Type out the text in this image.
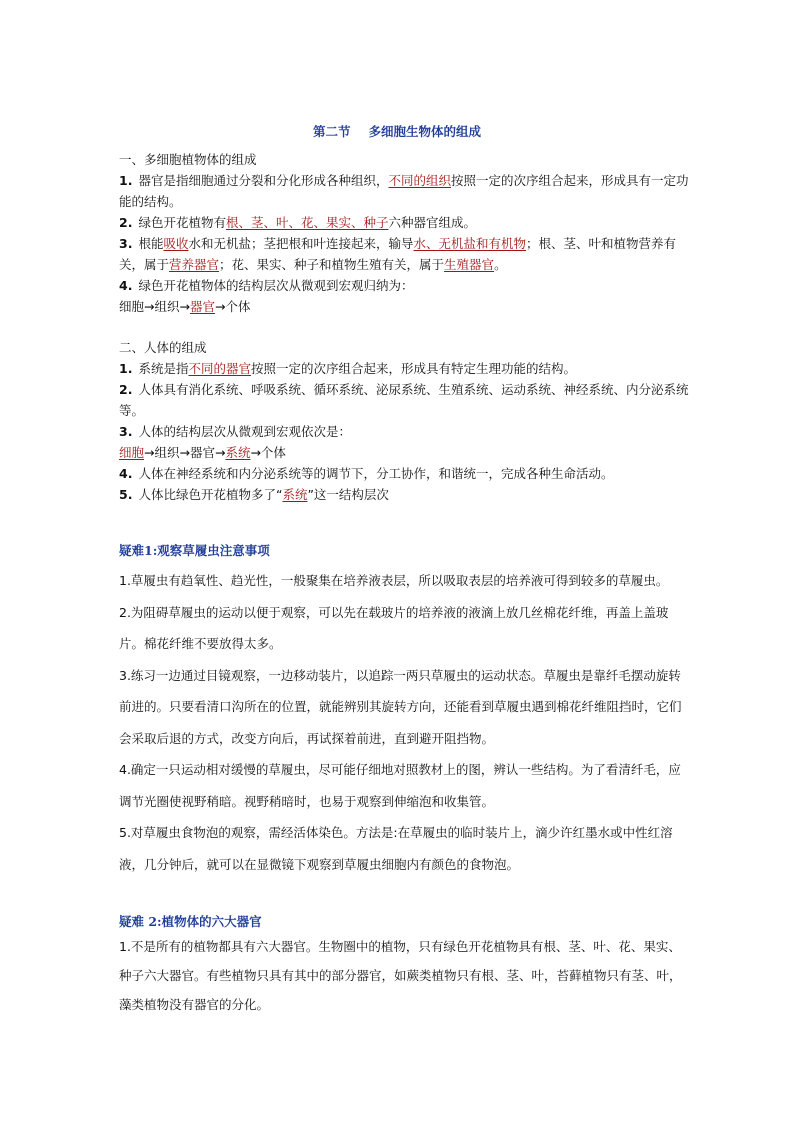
第二节 多细胞生物体的组成

一、多细胞植物体的组成

1. 器官是指细胞通过分裂和分化形成各种组织，不同的组织按照一定的次序组合起来，形成具有一定功能的结构。

2. 绿色开花植物有根、茎、叶、花、果实、种子六种器官组成。

3. 根能吸收水和无机盐；茎把根和叶连接起来，输导水、无机盐和有机物；根、茎、叶和植物营养有关，属于营养器官；花、果实、种子和植物生殖有关，属于生殖器官。

4. 绿色开花植物体的结构层次从微观到宏观归纳为：

细胞→组织→器官→个体

二、人体的组成

1. 系统是指不同的器官按照一定的次序组合起来，形成具有特定生理功能的结构。

2. 人体具有消化系统、呼吸系统、循环系统、泌尿系统、生殖系统、运动系统、神经系统、内分泌系统等。

3. 人体的结构层次从微观到宏观依次是：

细胞→组织→器官→系统→个体

4. 人体在神经系统和内分泌系统等的调节下，分工协作，和谐统一，完成各种生命活动。

5. 人体比绿色开花植物多了“系统”这一结构层次

疑难1:观察草履虫注意事项

1.草履虫有趋氧性、趋光性，一般聚集在培养液表层，所以吸取表层的培养液可得到较多的草履虫。

2.为阻碍草履虫的运动以便于观察，可以先在载玻片的培养液的液滴上放几丝棉花纤维，再盖上盖玻片。棉花纤维不要放得太多。

3.练习一边通过目镜观察，一边移动装片，以追踪一两只草履虫的运动状态。草履虫是靠纤毛摆动旋转前进的。只要看清口沟所在的位置，就能辨别其旋转方向，还能看到草履虫遇到棉花纤维阻挡时，它们会采取后退的方式，改变方向后，再试探着前进，直到避开阻挡物。

4.确定一只运动相对缓慢的草履虫，尽可能仔细地对照教材上的图，辨认一些结构。为了看清纤毛，应调节光圈使视野稍暗。视野稍暗时，也易于观察到伸缩泡和收集管。

5.对草履虫食物泡的观察，需经活体染色。方法是:在草履虫的临时装片上，滴少许红墨水或中性红溶液，几分钟后，就可以在显微镜下观察到草履虫细胞内有颜色的食物泡。

疑难 2:植物体的六大器官

1.不是所有的植物都具有六大器官。生物圈中的植物，只有绿色开花植物具有根、茎、叶、花、果实、种子六大器官。有些植物只具有其中的部分器官，如蕨类植物只有根、茎、叶，苔藓植物只有茎、叶，藻类植物没有器官的分化。
